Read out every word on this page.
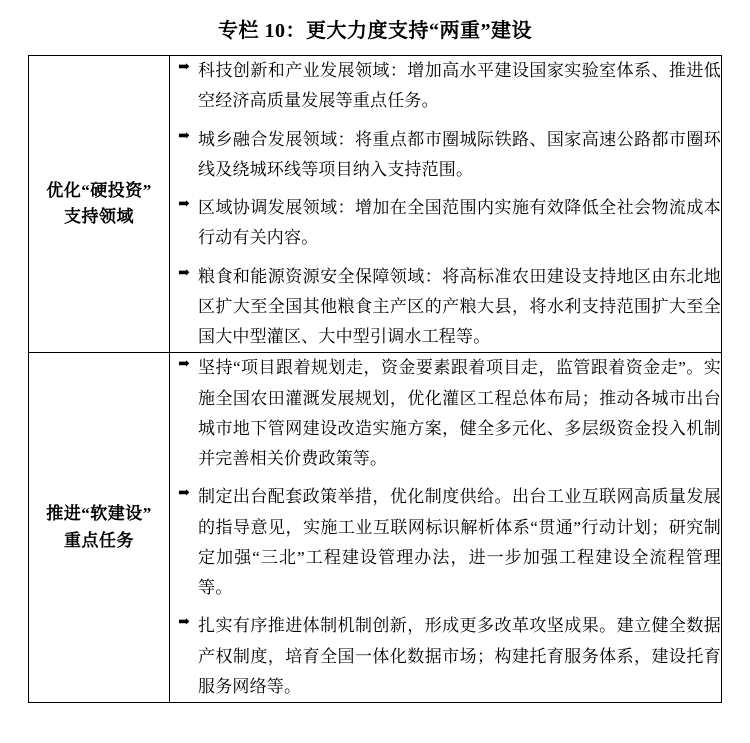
专栏 10：更大力度支持“两重”建设
优化“硬投资”
支持领域

➡ 科技创新和产业发展领域：增加高水平建设国家实验室体系、推进低空经济高质量发展等重点任务。
➡ 城乡融合发展领域：将重点都市圈城际铁路、国家高速公路都市圈环线及绕城环线等项目纳入支持范围。
➡ 区域协调发展领域：增加在全国范围内实施有效降低全社会物流成本行动有关内容。
➡ 粮食和能源资源安全保障领域：将高标准农田建设支持地区由东北地区扩大至全国其他粮食主产区的产粮大县，将水利支持范围扩大至全国大中型灌区、大中型引调水工程等。

推进“软建设”
重点任务

➡ 坚持“项目跟着规划走，资金要素跟着项目走，监管跟着资金走”。实施全国农田灌溉发展规划，优化灌区工程总体布局；推动各城市出台城市地下管网建设改造实施方案，健全多元化、多层级资金投入机制并完善相关价费政策等。
➡ 制定出台配套政策举措，优化制度供给。出台工业互联网高质量发展的指导意见，实施工业互联网标识解析体系“贯通”行动计划；研究制定加强“三北”工程建设管理办法，进一步加强工程建设全流程管理等。
➡ 扎实有序推进体制机制创新，形成更多改革攻坚成果。建立健全数据产权制度，培育全国一体化数据市场；构建托育服务体系，建设托育服务网络等。
